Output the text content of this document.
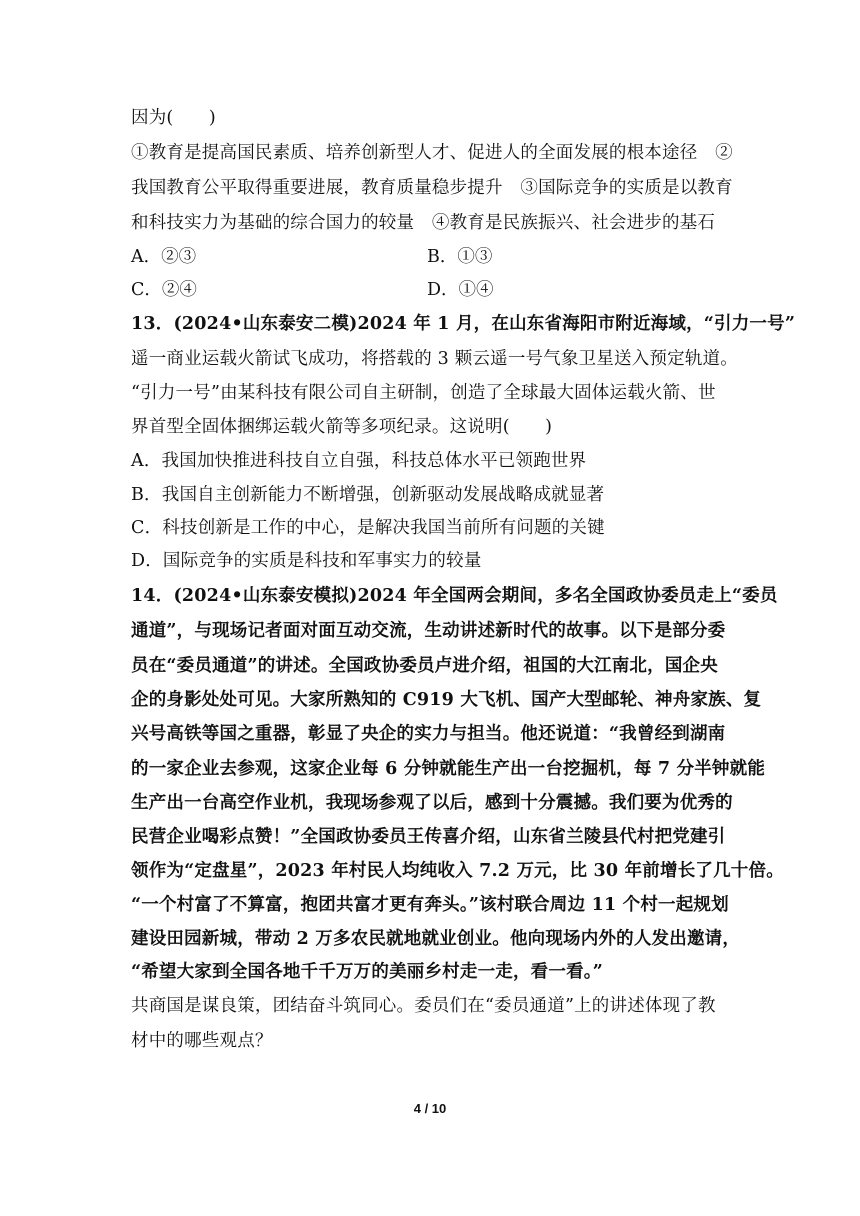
因为(　　)
①教育是提高国民素质、培养创新型人才、促进人的全面发展的根本途径　②
我国教育公平取得重要进展，教育质量稳步提升　③国际竞争的实质是以教育
和科技实力为基础的综合国力的较量　④教育是民族振兴、社会进步的基石
A．②③	B．①③
C．②④	D．①④
13．(2024•山东泰安二模)2024 年 1 月，在山东省海阳市附近海域，“引力一号”
遥一商业运载火箭试飞成功，将搭载的 3 颗云遥一号气象卫星送入预定轨道。
“引力一号”由某科技有限公司自主研制，创造了全球最大固体运载火箭、世
界首型全固体捆绑运载火箭等多项纪录。这说明(　　)
A．我国加快推进科技自立自强，科技总体水平已领跑世界
B．我国自主创新能力不断增强，创新驱动发展战略成就显著
C．科技创新是工作的中心，是解决我国当前所有问题的关键
D．国际竞争的实质是科技和军事实力的较量
14．(2024•山东泰安模拟)2024 年全国两会期间，多名全国政协委员走上“委员
通道”，与现场记者面对面互动交流，生动讲述新时代的故事。以下是部分委
员在“委员通道”的讲述。全国政协委员卢进介绍，祖国的大江南北，国企央
企的身影处处可见。大家所熟知的 C919 大飞机、国产大型邮轮、神舟家族、复
兴号高铁等国之重器，彰显了央企的实力与担当。他还说道：“我曾经到湖南
的一家企业去参观，这家企业每 6 分钟就能生产出一台挖掘机，每 7 分半钟就能
生产出一台高空作业机，我现场参观了以后，感到十分震撼。我们要为优秀的
民营企业喝彩点赞！”全国政协委员王传喜介绍，山东省兰陵县代村把党建引
领作为“定盘星”，2023 年村民人均纯收入 7.2 万元，比 30 年前增长了几十倍。
“一个村富了不算富，抱团共富才更有奔头。”该村联合周边 11 个村一起规划
建设田园新城，带动 2 万多农民就地就业创业。他向现场内外的人发出邀请，
“希望大家到全国各地千千万万的美丽乡村走一走，看一看。”
共商国是谋良策，团结奋斗筑同心。委员们在“委员通道”上的讲述体现了教
材中的哪些观点？
4 / 10
